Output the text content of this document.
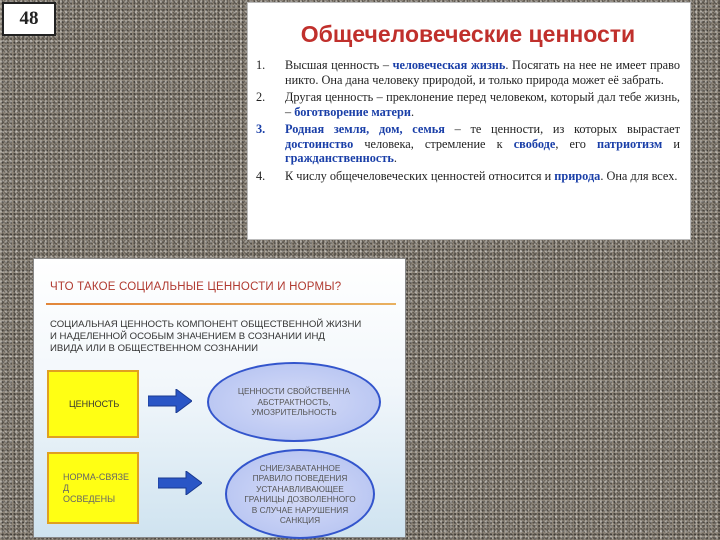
48
Общечеловеческие ценности
1.	Высшая ценность – человеческая жизнь. Посягать на нее не имеет право никто. Она дана человеку природой, и только природа может её забрать.
2.	Другая ценность – преклонение перед человеком, который дал тебе жизнь, – боготворение матери.
3.	Родная земля, дом, семья – те ценности, из которых вырастает достоинство человека, стремление к свободе, его патриотизм и гражданственность.
4.	К числу общечеловеческих ценностей относится и природа. Она для всех.
ЧТО ТАКОЕ СОЦИАЛЬНЫЕ ЦЕННОСТИ И НОРМЫ?
СОЦИАЛЬНАЯ ЦЕННОСТЬ КОМПОНЕНТ ОБЩЕСТВЕННОЙ ЖИЗНИ
И НАДЕЛЕННОЙ ОСОБЫМ ЗНАЧЕНИЕМ В СОЗНАНИИ ИНД
ИВИДА ИЛИ В ОБЩЕСТВЕННОМ СОЗНАНИИ
ЦЕННОСТЬ
НОРМА-СВЯЗЕ Д
ОСВЕДЕНЫ
ЦЕННОСТИ СВОЙСТВЕННА
АБСТРАКТНОСТЬ,
УМОЗРИТЕЛЬНОСТЬ
СНИЕ/ЗАВАТАННОЕ
ПРАВИЛО ПОВЕДЕНИЯ
УСТАНАВЛИВАЮЩЕЕ
ГРАНИЦЫ ДОЗВОЛЕННОГО
В СЛУЧАЕ НАРУШЕНИЯ
САНКЦИЯ
